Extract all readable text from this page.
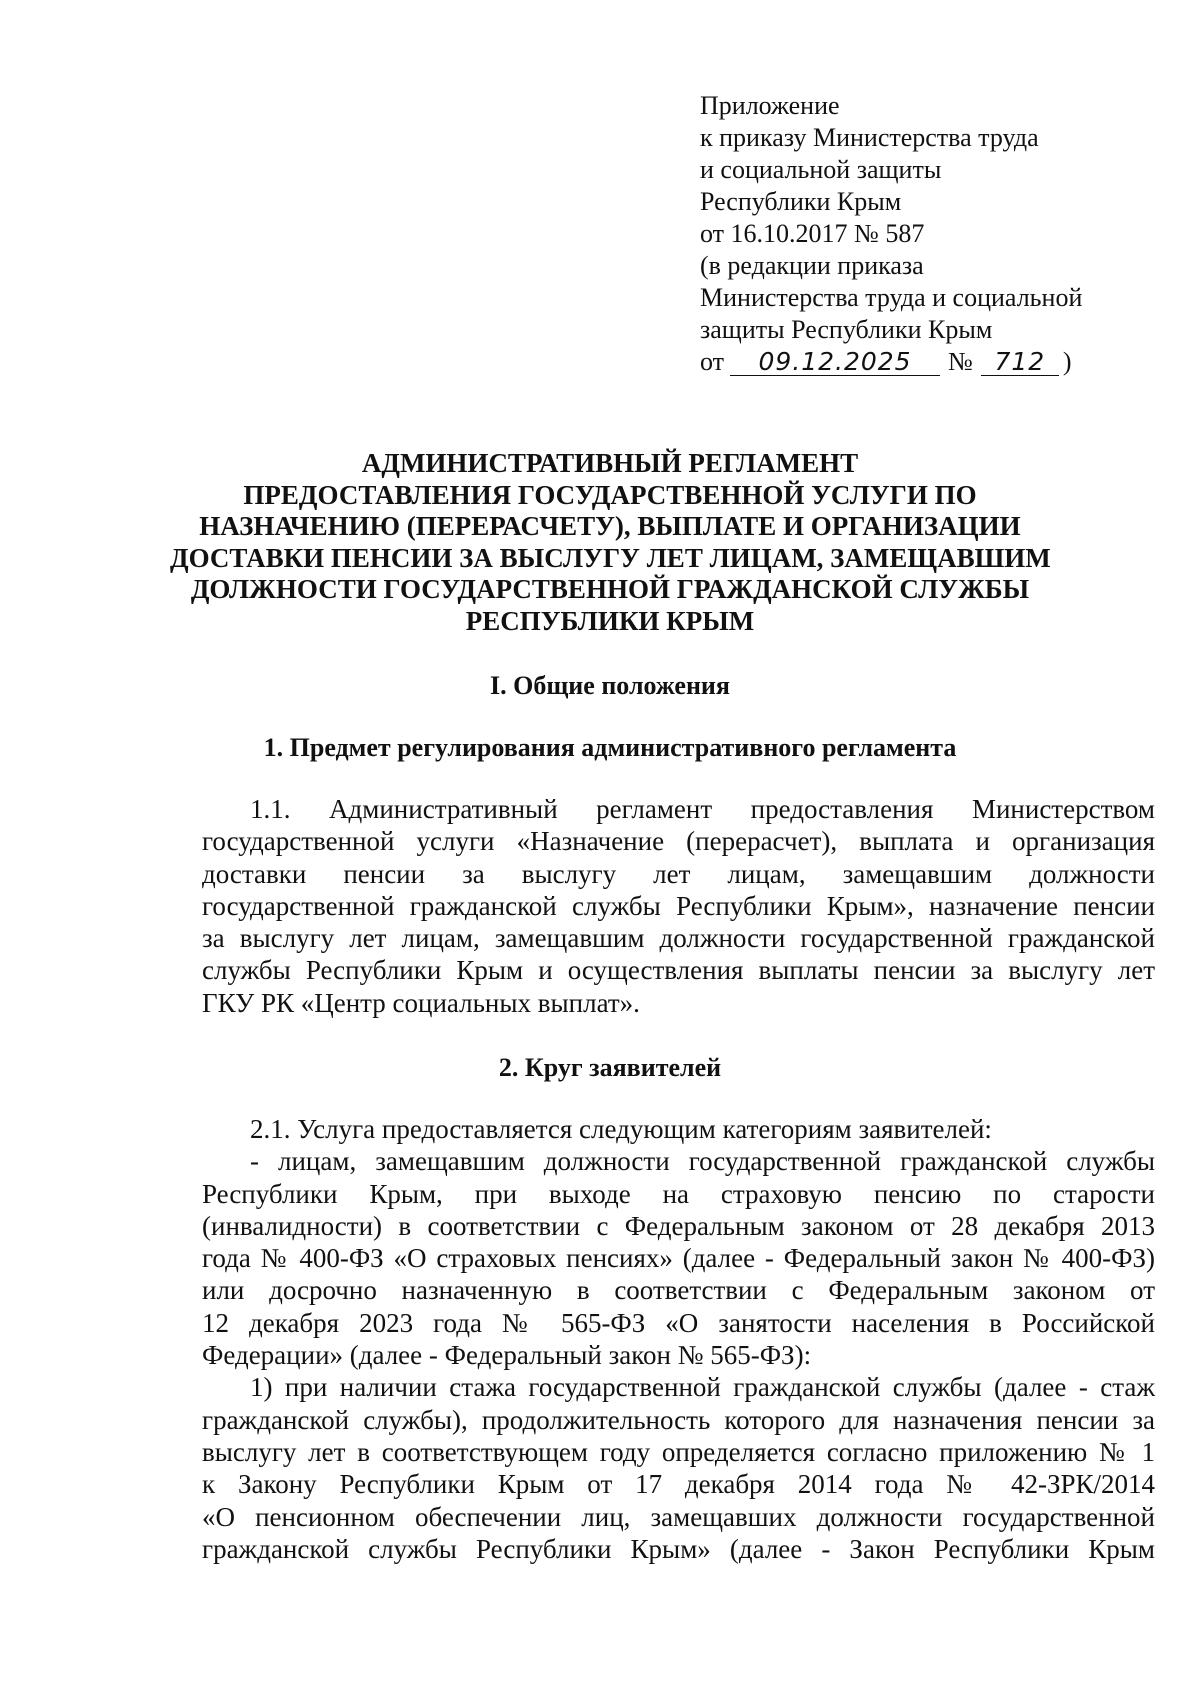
Приложение
к приказу Министерства труда
и социальной защиты
Республики Крым
от 16.10.2017 № 587
(в редакции приказа
Министерства труда и социальной
защиты Республики Крым
от 09.12.2025 № 712 )
АДМИНИСТРАТИВНЫЙ РЕГЛАМЕНТ
ПРЕДОСТАВЛЕНИЯ ГОСУДАРСТВЕННОЙ УСЛУГИ ПО
НАЗНАЧЕНИЮ (ПЕРЕРАСЧЕТУ), ВЫПЛАТЕ И ОРГАНИЗАЦИИ
ДОСТАВКИ ПЕНСИИ ЗА ВЫСЛУГУ ЛЕТ ЛИЦАМ, ЗАМЕЩАВШИМ
ДОЛЖНОСТИ ГОСУДАРСТВЕННОЙ ГРАЖДАНСКОЙ СЛУЖБЫ
РЕСПУБЛИКИ КРЫМ
I. Общие положения
1. Предмет регулирования административного регламента
1.1. Административный регламент предоставления Министерством
государственной услуги «Назначение (перерасчет), выплата и организация
доставки пенсии за выслугу лет лицам, замещавшим должности
государственной гражданской службы Республики Крым», назначение пенсии
за выслугу лет лицам, замещавшим должности государственной гражданской
службы Республики Крым и осуществления выплаты пенсии за выслугу лет
ГКУ РК «Центр социальных выплат».
2. Круг заявителей
2.1. Услуга предоставляется следующим категориям заявителей:
- лицам, замещавшим должности государственной гражданской службы
Республики Крым, при выходе на страховую пенсию по старости
(инвалидности) в соответствии с Федеральным законом от 28 декабря 2013
года № 400-ФЗ «О страховых пенсиях» (далее - Федеральный закон № 400-ФЗ)
или досрочно назначенную в соответствии с Федеральным законом от
12 декабря 2023 года № 565-ФЗ «О занятости населения в Российской
Федерации» (далее - Федеральный закон № 565-ФЗ):
1) при наличии стажа государственной гражданской службы (далее - стаж
гражданской службы), продолжительность которого для назначения пенсии за
выслугу лет в соответствующем году определяется согласно приложению № 1
к Закону Республики Крым от 17 декабря 2014 года № 42-ЗРК/2014
«О пенсионном обеспечении лиц, замещавших должности государственной
гражданской службы Республики Крым» (далее - Закон Республики Крым
